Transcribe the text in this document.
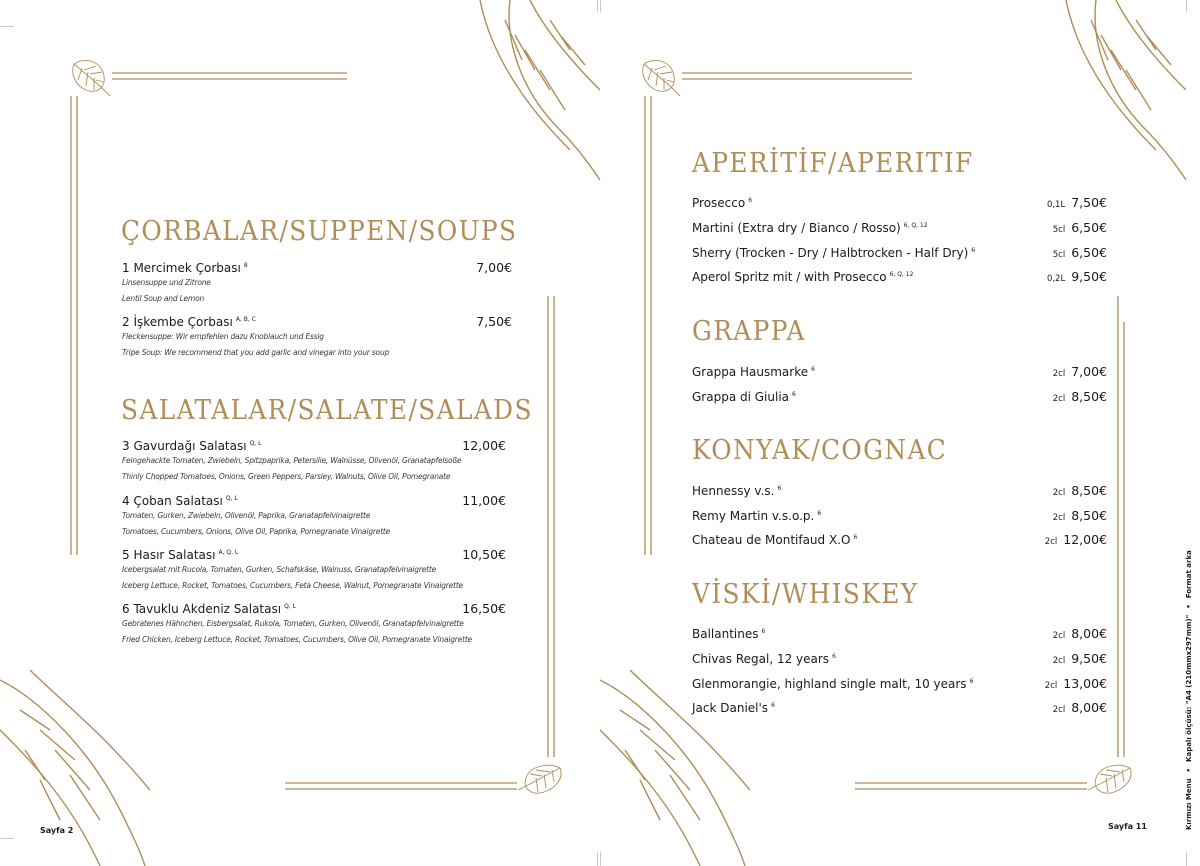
ÇORBALAR/SUPPEN/SOUPS
1 Mercimek Çorbası $^8$	7,00€
Linsensuppe und Zitrone
Lentil Soup and Lemon
2 İşkembe Çorbası $^{A, B, C}$	7,50€
Fleckensuppe: Wir empfehlen dazu Knoblauch und Essig
Tripe Soup: We recommend that you add garlic and vinegar into your soup
SALATALAR/SALATE/SALADS
3 Gavurdağı Salatası $^{Q, L}$	12,00€
Feingehackte Tomaten, Zwiebeln, Spitzpaprika, Petersilie, Walnüsse, Olivenöl, Granatapfelsoße
Thinly Chopped Tomatoes, Onions, Green Peppers, Parsley, Walnuts, Olive Oil, Pomegranate
4 Çoban Salatası $^{Q, L}$	11,00€
Tomaten, Gurken, Zwiebeln, Olivenöl, Paprika, Granatapfelvinaigrette
Tomatoes, Cucumbers, Onions, Olive Oil, Paprika, Pomegranate Vinaigrette
5 Hasır Salatası $^{A, Q, L}$	10,50€
Icebergsalat mit Rucola, Tomaten, Gurken, Schafskäse, Walnuss, Granatapfelvinaigrette
Iceberg Lettuce, Rocket, Tomatoes, Cucumbers, Feta Cheese, Walnut, Pomegranate Vinaigrette
6 Tavuklu Akdeniz Salatası $^{Q, L}$	16,50€
Gebratenes Hähnchen, Eisbergsalat, Rukola, Tomaten, Gurken, Olivenöl, Granatapfelvinaigrette
Fried Chicken, Iceberg Lettuce, Rocket, Tomatoes, Cucumbers, Olive Oil, Pomegranate Vinaigrette
Sayfa 2
APERİTİF/APERITIF
Prosecco $^6$	0,1L 7,50€
Martini (Extra dry / Bianco / Rosso) $^{6, Q, 12}$	5cl 6,50€
Sherry (Trocken - Dry / Halbtrocken - Half Dry) $^6$	5cl 6,50€
Aperol Spritz mit / with Prosecco $^{6, Q, 12}$	0,2L 9,50€
GRAPPA
Grappa Hausmarke $^6$	2cl 7,00€
Grappa di Giulia $^6$	2cl 8,50€
KONYAK/COGNAC
Hennessy v.s. $^6$	2cl 8,50€
Remy Martin v.s.o.p. $^6$	2cl 8,50€
Chateau de Montifaud X.O $^6$	2cl 12,00€
VİSKİ/WHISKEY
Ballantines $^6$	2cl 8,00€
Chivas Regal, 12 years $^6$	2cl 9,50€
Glenmorangie, highland single malt, 10 years $^6$	2cl 13,00€
Jack Daniel's $^6$	2cl 8,00€
Sayfa 11	Kırmızı Menu
•
Kapalı ölçüsü: "A4 (210mmx297mm)"
•
Format arka
